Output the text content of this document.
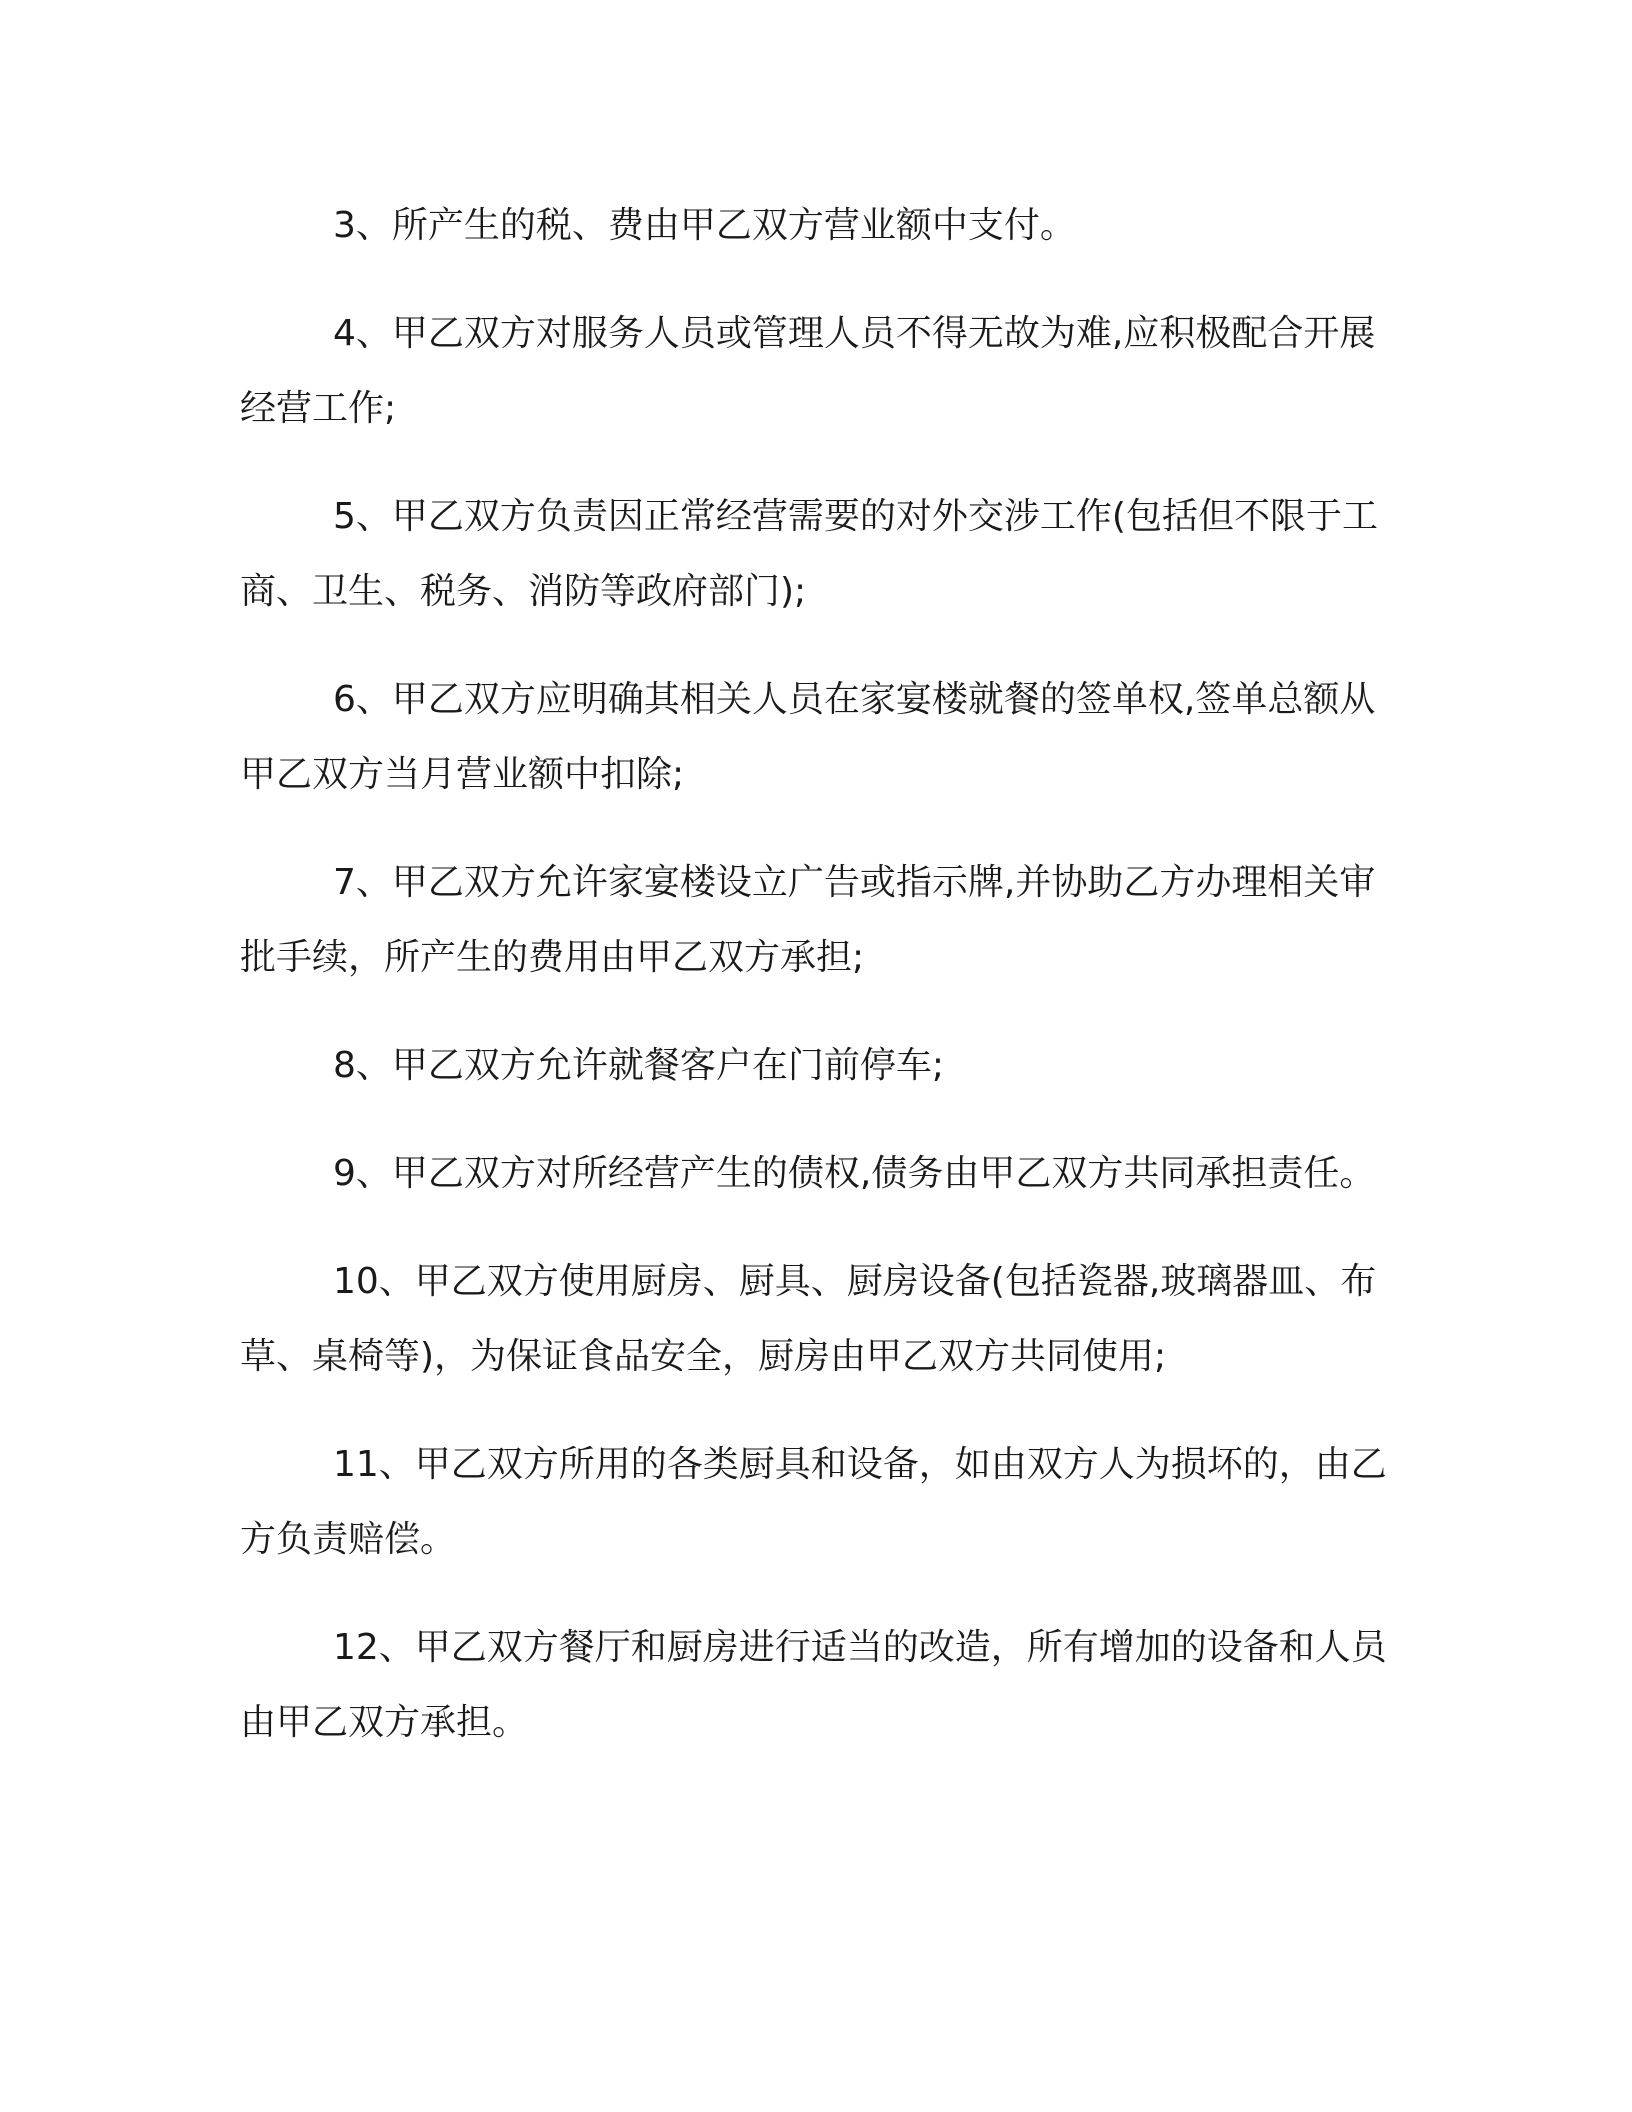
3、所产生的税、费由甲乙双方营业额中支付。

4、甲乙双方对服务人员或管理人员不得无故为难,应积极配合开展经营工作;

5、甲乙双方负责因正常经营需要的对外交涉工作(包括但不限于工商、卫生、税务、消防等政府部门);

6、甲乙双方应明确其相关人员在家宴楼就餐的签单权,签单总额从甲乙双方当月营业额中扣除;

7、甲乙双方允许家宴楼设立广告或指示牌,并协助乙方办理相关审批手续，所产生的费用由甲乙双方承担;

8、甲乙双方允许就餐客户在门前停车;

9、甲乙双方对所经营产生的债权,债务由甲乙双方共同承担责任。

10、甲乙双方使用厨房、厨具、厨房设备(包括瓷器,玻璃器皿、布草、桌椅等)，为保证食品安全，厨房由甲乙双方共同使用;

11、甲乙双方所用的各类厨具和设备，如由双方人为损坏的，由乙方负责赔偿。

12、甲乙双方餐厅和厨房进行适当的改造，所有增加的设备和人员由甲乙双方承担。
